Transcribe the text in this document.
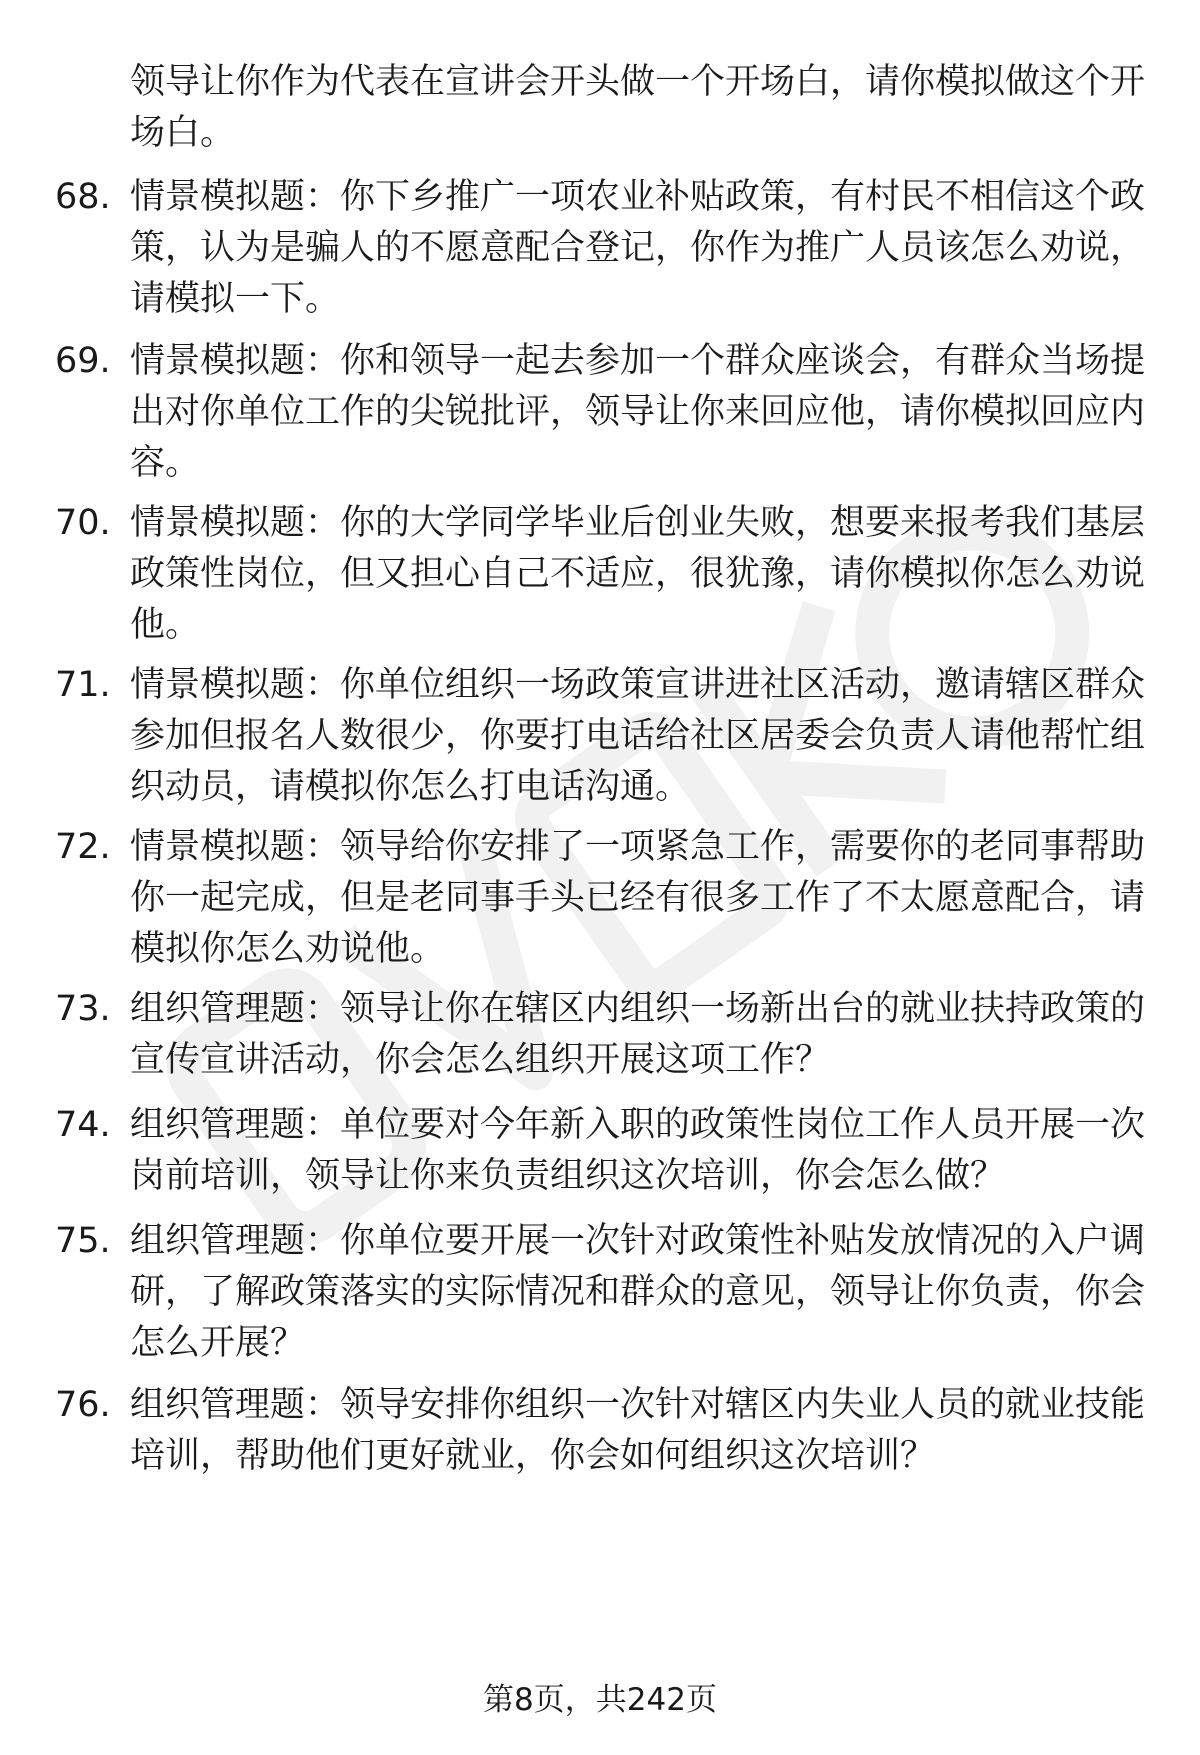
领导让你作为代表在宣讲会开头做一个开场白，请你模拟做这个开场白。
68. 情景模拟题：你下乡推广一项农业补贴政策，有村民不相信这个政策，认为是骗人的不愿意配合登记，你作为推广人员该怎么劝说，请模拟一下。
69. 情景模拟题：你和领导一起去参加一个群众座谈会，有群众当场提出对你单位工作的尖锐批评，领导让你来回应他，请你模拟回应内容。
70. 情景模拟题：你的大学同学毕业后创业失败，想要来报考我们基层政策性岗位，但又担心自己不适应，很犹豫，请你模拟你怎么劝说他。
71. 情景模拟题：你单位组织一场政策宣讲进社区活动，邀请辖区群众参加但报名人数很少，你要打电话给社区居委会负责人请他帮忙组织动员，请模拟你怎么打电话沟通。
72. 情景模拟题：领导给你安排了一项紧急工作，需要你的老同事帮助你一起完成，但是老同事手头已经有很多工作了不太愿意配合，请模拟你怎么劝说他。
73. 组织管理题：领导让你在辖区内组织一场新出台的就业扶持政策的宣传宣讲活动，你会怎么组织开展这项工作？
74. 组织管理题：单位要对今年新入职的政策性岗位工作人员开展一次岗前培训，领导让你来负责组织这次培训，你会怎么做？
75. 组织管理题：你单位要开展一次针对政策性补贴发放情况的入户调研，了解政策落实的实际情况和群众的意见，领导让你负责，你会怎么开展？
76. 组织管理题：领导安排你组织一次针对辖区内失业人员的就业技能培训，帮助他们更好就业，你会如何组织这次培训？
第8页，共242页
